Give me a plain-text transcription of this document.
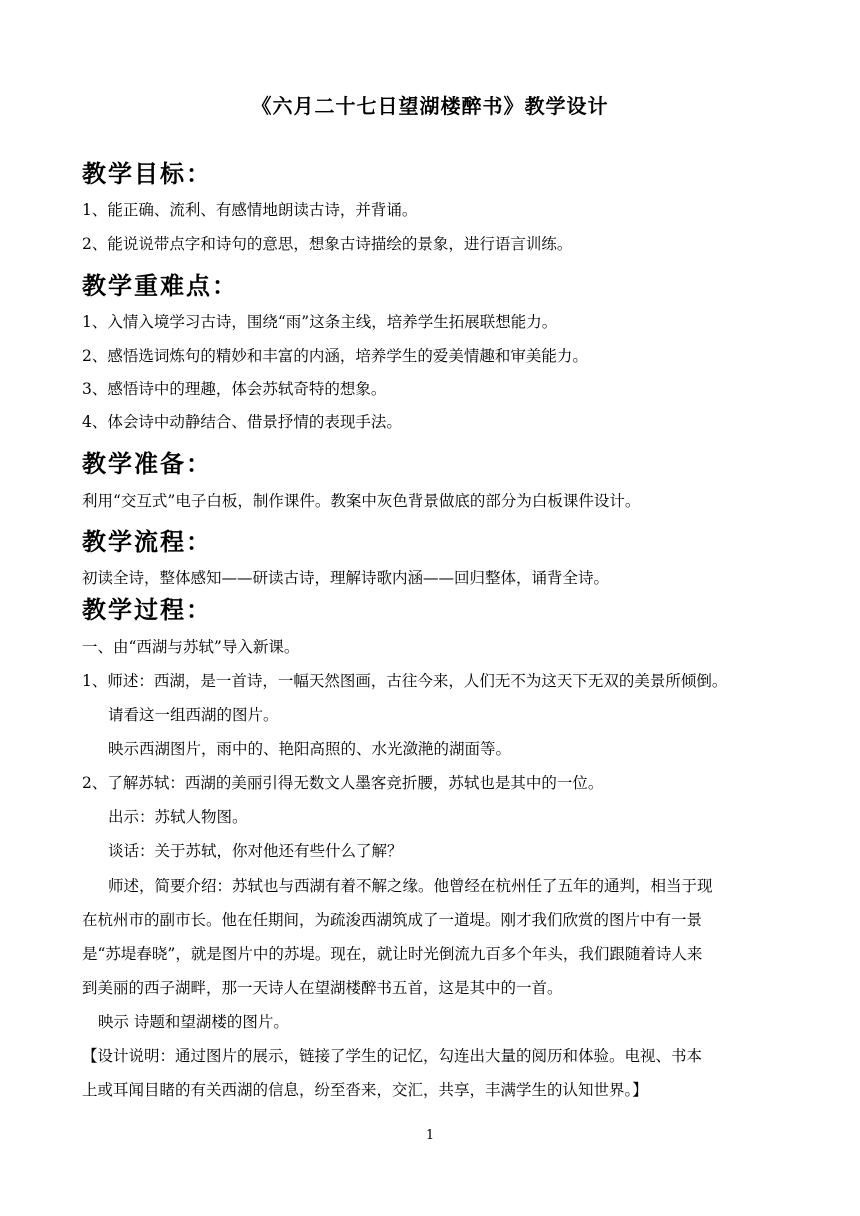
《六月二十七日望湖楼醉书》教学设计
教学目标：
1、能正确、流利、有感情地朗读古诗，并背诵。
2、能说说带点字和诗句的意思，想象古诗描绘的景象，进行语言训练。
教学重难点：
1、入情入境学习古诗，围绕“雨”这条主线，培养学生拓展联想能力。
2、感悟选词炼句的精妙和丰富的内涵，培养学生的爱美情趣和审美能力。
3、感悟诗中的理趣，体会苏轼奇特的想象。
4、体会诗中动静结合、借景抒情的表现手法。
教学准备：
利用“交互式”电子白板，制作课件。教案中灰色背景做底的部分为白板课件设计。
教学流程：
初读全诗，整体感知——研读古诗，理解诗歌内涵——回归整体，诵背全诗。
教学过程：
一、由“西湖与苏轼”导入新课。
1、师述：西湖，是一首诗，一幅天然图画，古往今来，人们无不为这天下无双的美景所倾倒。
请看这一组西湖的图片。
映示西湖图片，雨中的、艳阳高照的、水光潋滟的湖面等。
2、了解苏轼：西湖的美丽引得无数文人墨客竞折腰，苏轼也是其中的一位。
出示：苏轼人物图。
谈话：关于苏轼，你对他还有些什么了解？
师述，简要介绍：苏轼也与西湖有着不解之缘。他曾经在杭州任了五年的通判，相当于现
在杭州市的副市长。他在任期间，为疏浚西湖筑成了一道堤。刚才我们欣赏的图片中有一景
是“苏堤春晓”，就是图片中的苏堤。现在，就让时光倒流九百多个年头，我们跟随着诗人来
到美丽的西子湖畔，那一天诗人在望湖楼醉书五首，这是其中的一首。
映示 诗题和望湖楼的图片。
【设计说明：通过图片的展示，链接了学生的记忆，勾连出大量的阅历和体验。电视、书本
上或耳闻目睹的有关西湖的信息，纷至沓来，交汇，共享，丰满学生的认知世界。】
1
